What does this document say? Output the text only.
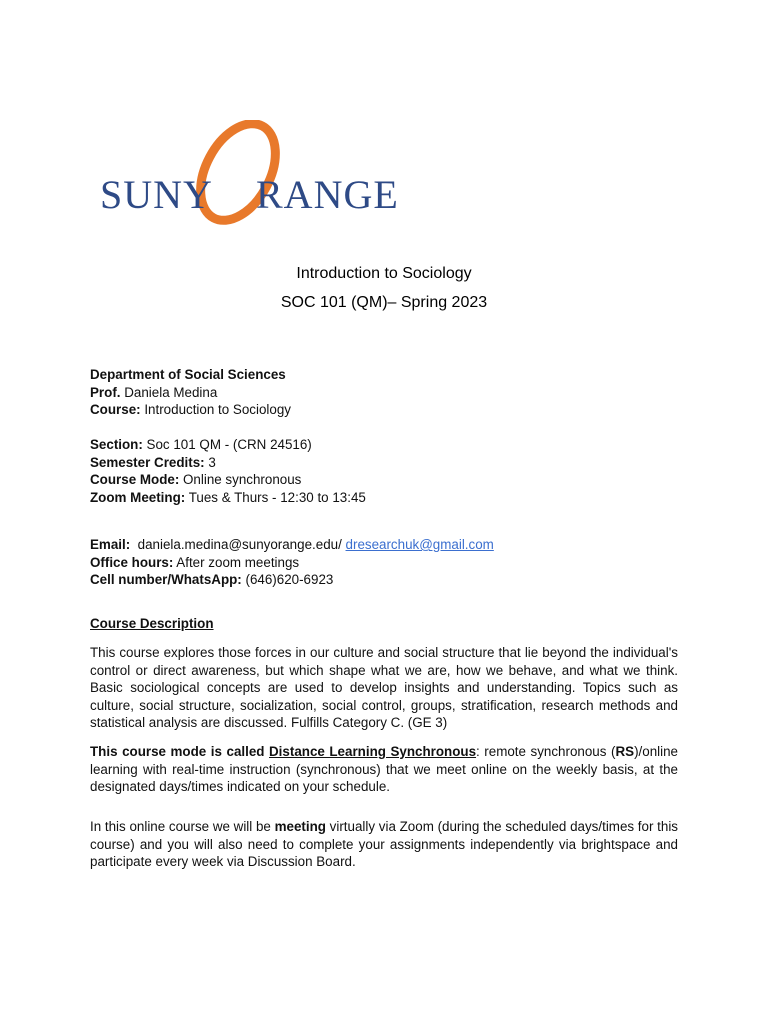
SUNY RANGE
Introduction to Sociology
SOC 101 (QM)– Spring 2023
Department of Social Sciences
Prof. Daniela Medina
Course: Introduction to Sociology
Section: Soc 101 QM - (CRN 24516)
Semester Credits: 3
Course Mode: Online synchronous
Zoom Meeting: Tues & Thurs - 12:30 to 13:45
Email:  daniela.medina@sunyorange.edu/ dresearchuk@gmail.com
Office hours: After zoom meetings
Cell number/WhatsApp: (646)620-6923
Course Description
This course explores those forces in our culture and social structure that lie beyond the individual's control or direct awareness, but which shape what we are, how we behave, and what we think. Basic sociological concepts are used to develop insights and understanding. Topics such as culture, social structure, socialization, social control, groups, stratification, research methods and statistical analysis are discussed. Fulfills Category C. (GE 3)
This course mode is called Distance Learning Synchronous: remote synchronous (RS)/online learning with real-time instruction (synchronous) that we meet online on the weekly basis, at the designated days/times indicated on your schedule.
In this online course we will be meeting virtually via Zoom (during the scheduled days/times for this course) and you will also need to complete your assignments independently via brightspace and participate every week via Discussion Board.
